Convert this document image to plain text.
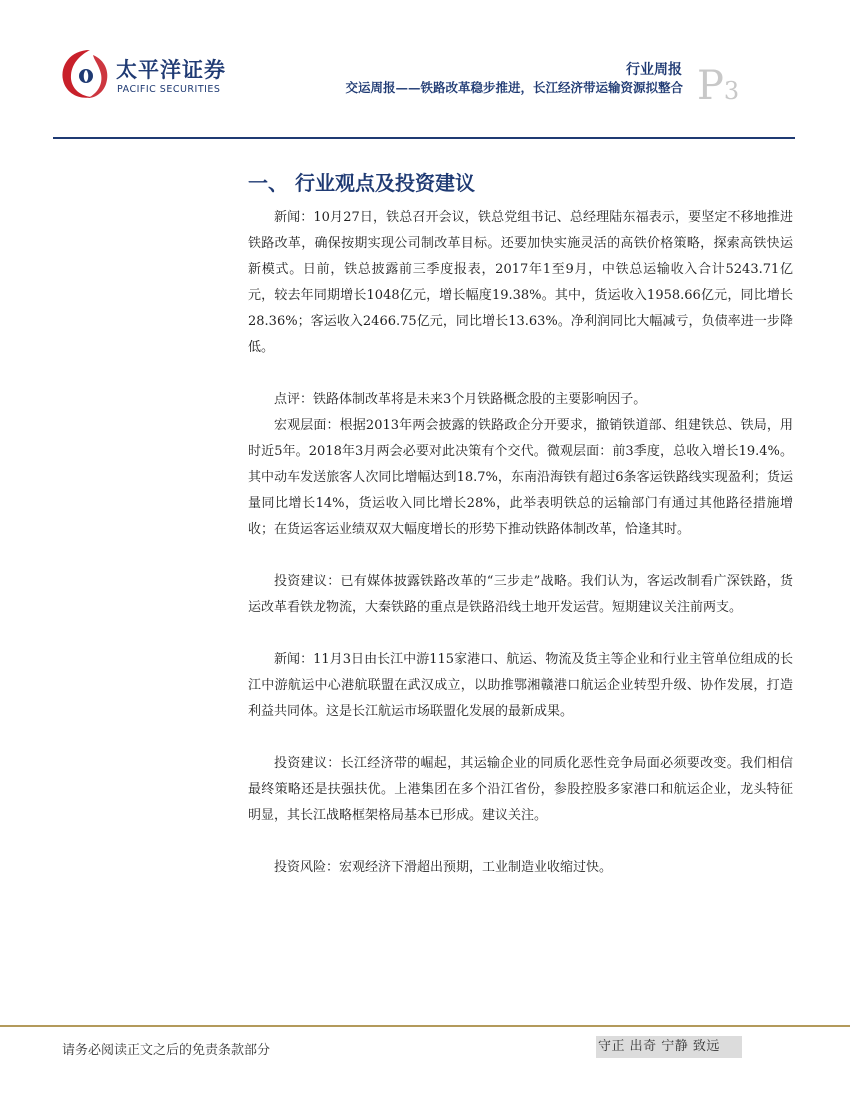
太平洋证券
PACIFIC SECURITIES
行业周报
交运周报——铁路改革稳步推进，长江经济带运输资源拟整合 P3
一、 行业观点及投资建议

新闻：10月27日，铁总召开会议，铁总党组书记、总经理陆东福表示，要坚定不移地推进铁路改革，确保按期实现公司制改革目标。还要加快实施灵活的高铁价格策略，探索高铁快运新模式。日前，铁总披露前三季度报表，2017年1至9月，中铁总运输收入合计5243.71亿元，较去年同期增长1048亿元，增长幅度19.38%。其中，货运收入1958.66亿元，同比增长28.36%；客运收入2466.75亿元，同比增长13.63%。净利润同比大幅减亏，负债率进一步降低。

点评：铁路体制改革将是未来3个月铁路概念股的主要影响因子。

宏观层面：根据2013年两会披露的铁路政企分开要求，撤销铁道部、组建铁总、铁局，用时近5年。2018年3月两会必要对此决策有个交代。微观层面：前3季度，总收入增长19.4%。其中动车发送旅客人次同比增幅达到18.7%，东南沿海铁有超过6条客运铁路线实现盈利；货运量同比增长14%，货运收入同比增长28%，此举表明铁总的运输部门有通过其他路径措施增收；在货运客运业绩双双大幅度增长的形势下推动铁路体制改革，恰逢其时。

投资建议：已有媒体披露铁路改革的“三步走”战略。我们认为，客运改制看广深铁路，货运改革看铁龙物流，大秦铁路的重点是铁路沿线土地开发运营。短期建议关注前两支。

新闻：11月3日由长江中游115家港口、航运、物流及货主等企业和行业主管单位组成的长江中游航运中心港航联盟在武汉成立，以助推鄂湘赣港口航运企业转型升级、协作发展，打造利益共同体。这是长江航运市场联盟化发展的最新成果。

投资建议：长江经济带的崛起，其运输企业的同质化恶性竞争局面必须要改变。我们相信最终策略还是扶强扶优。上港集团在多个沿江省份，参股控股多家港口和航运企业，龙头特征明显，其长江战略框架格局基本已形成。建议关注。

投资风险：宏观经济下滑超出预期，工业制造业收缩过快。

请务必阅读正文之后的免责条款部分	守正 出奇 宁静 致远
